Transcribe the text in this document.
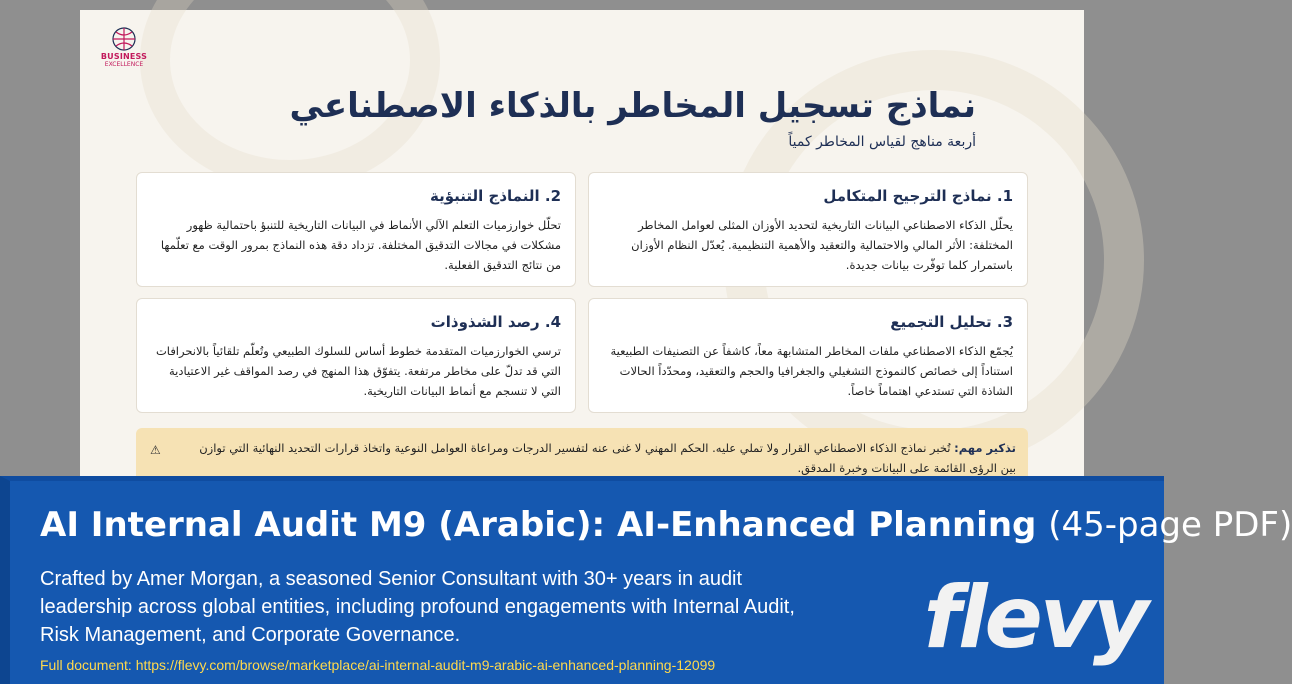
BUSINESS
EXCELLENCE
نماذج تسجيل المخاطر بالذكاء الاصطناعي
أربعة مناهج لقياس المخاطر كمياً
1. نماذج الترجيح المتكامل

يحلّل الذكاء الاصطناعي البيانات التاريخية لتحديد الأوزان المثلى لعوامل المخاطر المختلفة: الأثر المالي والاحتمالية والتعقيد والأهمية التنظيمية. يُعدّل النظام الأوزان باستمرار كلما توفّرت بيانات جديدة.

2. النماذج التنبؤية

تحلّل خوارزميات التعلم الآلي الأنماط في البيانات التاريخية للتنبؤ باحتمالية ظهور مشكلات في مجالات التدقيق المختلفة. تزداد دقة هذه النماذج بمرور الوقت مع تعلّمها من نتائج التدقيق الفعلية.

3. تحليل التجميع

يُجمّع الذكاء الاصطناعي ملفات المخاطر المتشابهة معاً، كاشفاً عن التصنيفات الطبيعية استناداً إلى خصائص كالنموذج التشغيلي والجغرافيا والحجم والتعقيد، ومحدّداً الحالات الشاذة التي تستدعي اهتماماً خاصاً.

4. رصد الشذوذات

ترسي الخوارزميات المتقدمة خطوط أساس للسلوك الطبيعي وتُعلّم تلقائياً بالانحرافات التي قد تدلّ على مخاطر مرتفعة. يتفوّق هذا المنهج في رصد المواقف غير الاعتيادية التي لا تنسجم مع أنماط البيانات التاريخية.

⚠	تذكير مهم: تُخبر نماذج الذكاء الاصطناعي القرار ولا تملي عليه. الحكم المهني لا غنى عنه لتفسير الدرجات ومراعاة العوامل النوعية واتخاذ قرارات التحديد النهائية التي توازن بين الرؤى القائمة على البيانات وخبرة المدقق.
AI Internal Audit M9 (Arabic): AI-Enhanced Planning (45-page PDF)
Crafted by Amer Morgan, a seasoned Senior Consultant with 30+ years in audit leadership across global entities, including profound engagements with Internal Audit, Risk Management, and Corporate Governance.
Full document: https://flevy.com/browse/marketplace/ai-internal-audit-m9-arabic-ai-enhanced-planning-12099 flevy
